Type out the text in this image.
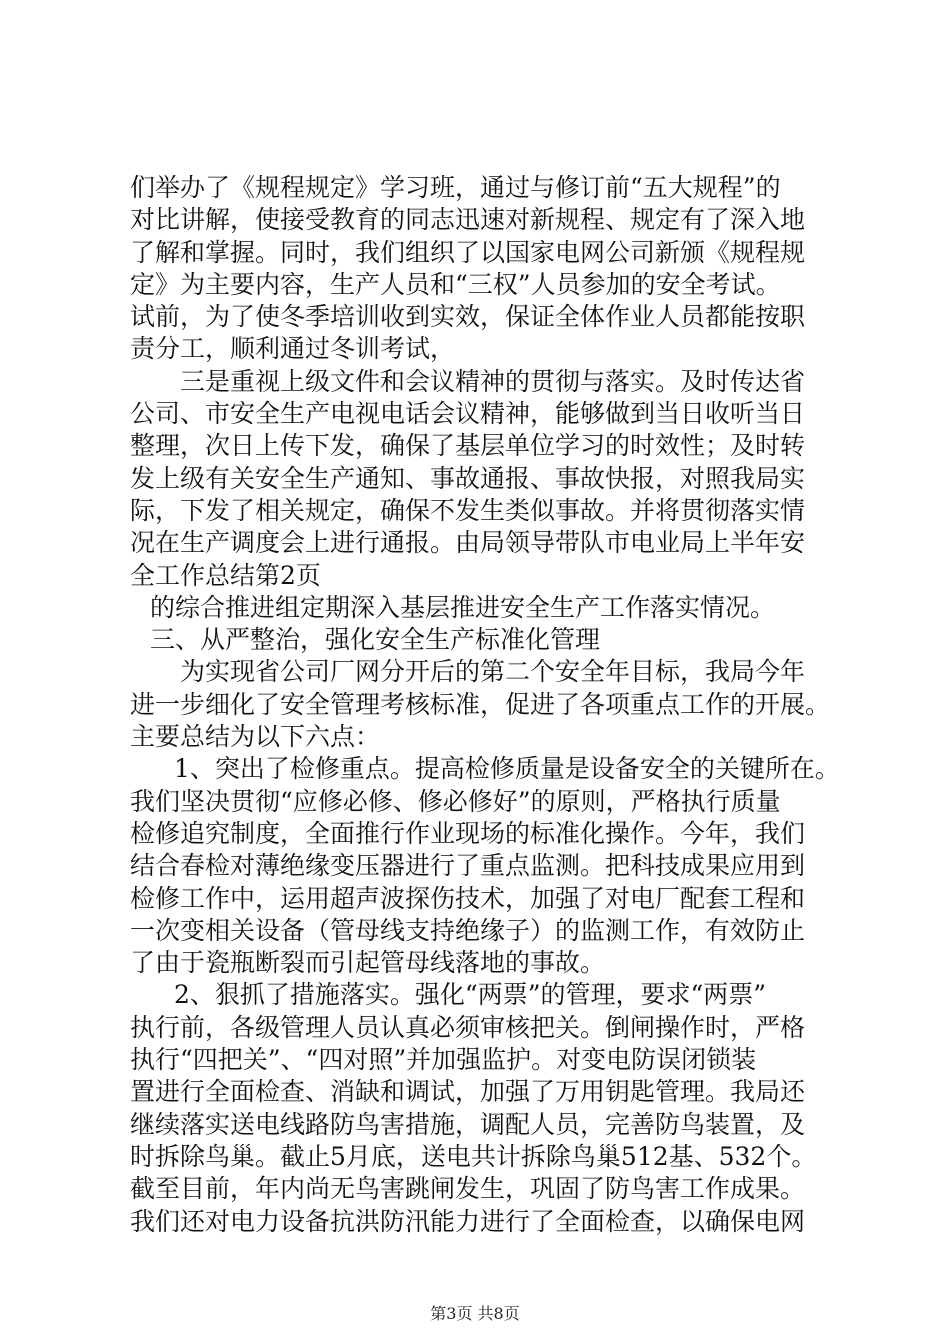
们举办了《规程规定》学习班，通过与修订前“五大规程”的
对比讲解，使接受教育的同志迅速对新规程、规定有了深入地
了解和掌握。同时，我们组织了以国家电网公司新颁《规程规
定》为主要内容，生产人员和“三权”人员参加的安全考试。
试前，为了使冬季培训收到实效，保证全体作业人员都能按职
责分工，顺利通过冬训考试，
三是重视上级文件和会议精神的贯彻与落实。及时传达省
公司、市安全生产电视电话会议精神，能够做到当日收听当日
整理，次日上传下发，确保了基层单位学习的时效性；及时转
发上级有关安全生产通知、事故通报、事故快报，对照我局实
际，下发了相关规定，确保不发生类似事故。并将贯彻落实情
况在生产调度会上进行通报。由局领导带队市电业局上半年安
全工作总结第2页
的综合推进组定期深入基层推进安全生产工作落实情况。
三、从严整治，强化安全生产标准化管理
为实现省公司厂网分开后的第二个安全年目标，我局今年
进一步细化了安全管理考核标准，促进了各项重点工作的开展。
主要总结为以下六点：
1、突出了检修重点。提高检修质量是设备安全的关键所在。
我们坚决贯彻“应修必修、修必修好”的原则，严格执行质量
检修追究制度，全面推行作业现场的标准化操作。今年，我们
结合春检对薄绝缘变压器进行了重点监测。把科技成果应用到
检修工作中，运用超声波探伤技术，加强了对电厂配套工程和
一次变相关设备（管母线支持绝缘子）的监测工作，有效防止
了由于瓷瓶断裂而引起管母线落地的事故。
2、狠抓了措施落实。强化“两票”的管理，要求“两票”
执行前，各级管理人员认真必须审核把关。倒闸操作时，严格
执行“四把关”、“四对照”并加强监护。对变电防误闭锁装
置进行全面检查、消缺和调试，加强了万用钥匙管理。我局还
继续落实送电线路防鸟害措施，调配人员，完善防鸟装置，及
时拆除鸟巢。截止5月底，送电共计拆除鸟巢512基、532个。
截至目前，年内尚无鸟害跳闸发生，巩固了防鸟害工作成果。
我们还对电力设备抗洪防汛能力进行了全面检查，以确保电网
第3页 共8页
